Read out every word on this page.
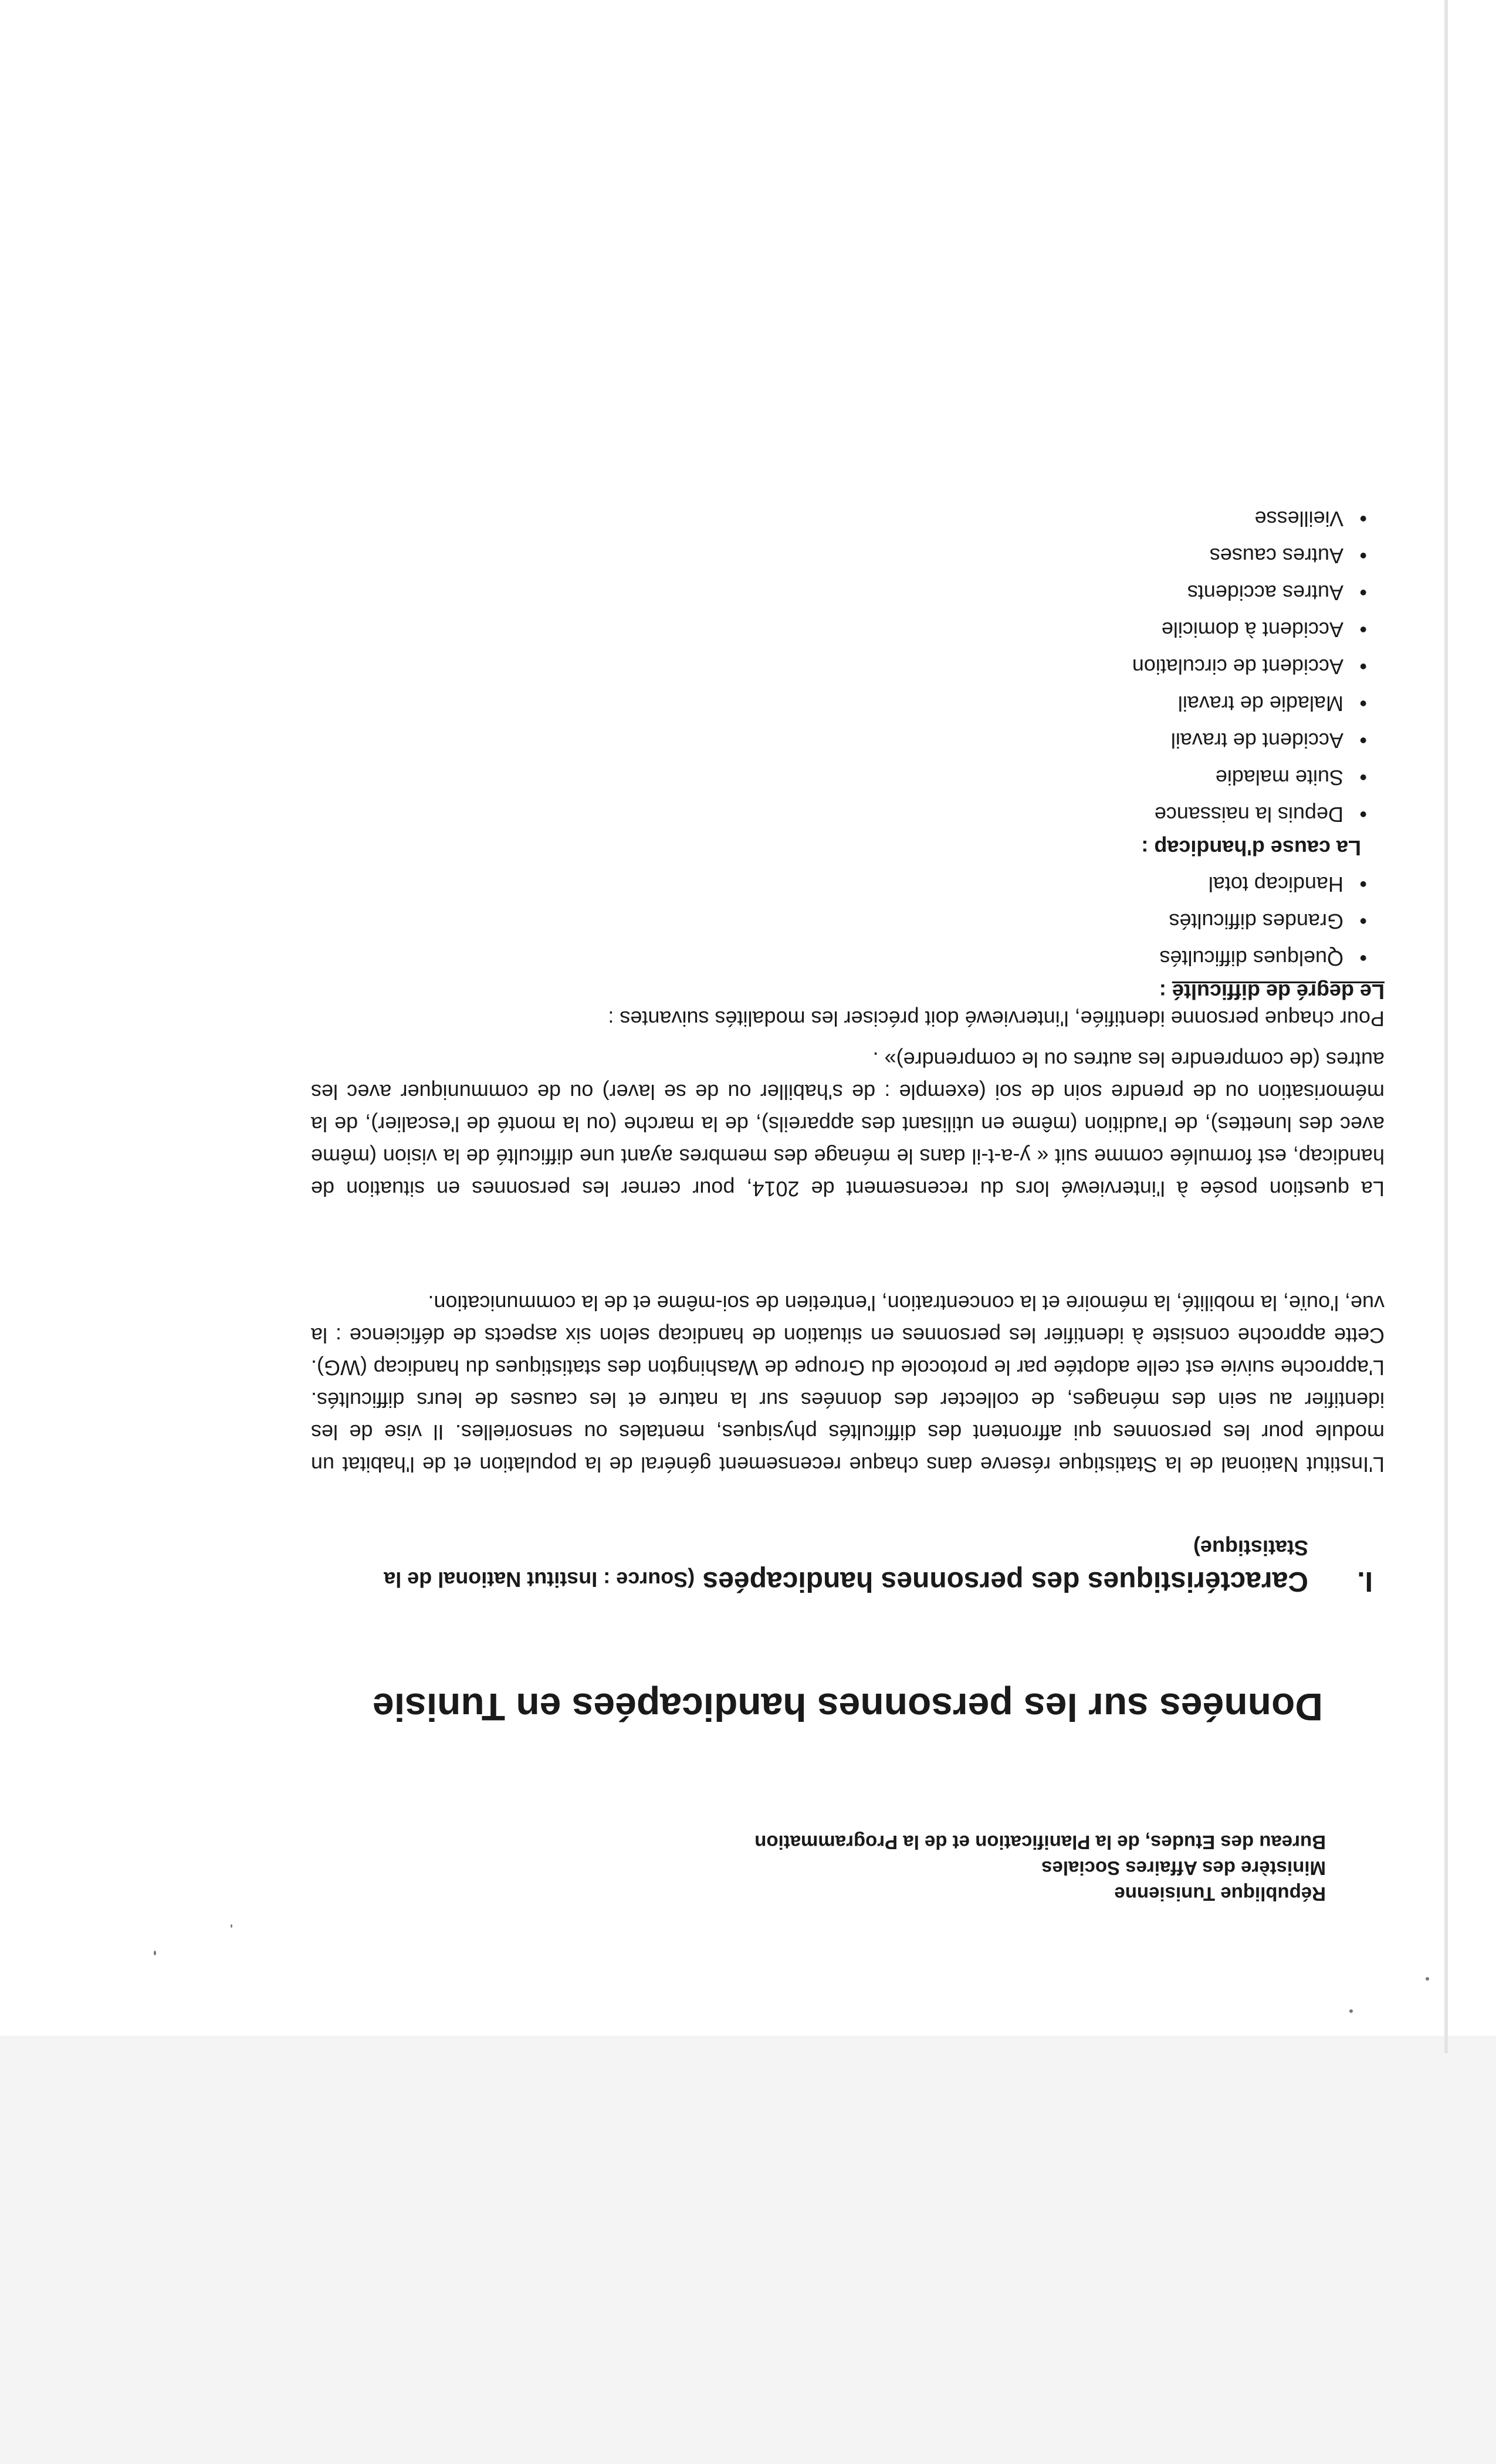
République Tunisienne
Ministère des Affaires Sociales
Bureau des Etudes, de la Planification et de la Programmation
Données sur les personnes handicapées en Tunisie
I.Caractéristiques des personnes handicapées (Source : Institut National de la
Statistique)

L'Institut National de la Statistique réserve dans chaque recensement général de la population et de l'habitat un module pour les personnes qui affrontent des difficultés physiques, mentales ou sensorielles. Il vise de les identifier au sein des ménages, de collecter des données sur la nature et les causes de leurs difficultés. L'approche suivie est celle adoptée par le protocole du Groupe de Washington des statistiques du handicap (WG). Cette approche consiste à identifier les personnes en situation de handicap selon six aspects de déficience : la vue, l'ouïe, la mobilité, la mémoire et la concentration, l'entretien de soi-même et de la communication.

La question posée à l'interviewé lors du recensement de 2014, pour cerner les personnes en situation de handicap, est formulée comme suit « y-a-t-il dans le ménage des membres ayant une difficulté de la vision (même avec des lunettes), de l'audition (même en utilisant des appareils), de la marche (ou la monté de l'escalier), de la mémorisation ou de prendre soin de soi (exemple : de s'habiller ou de se laver) ou de communiquer avec les autres (de comprendre les autres ou le comprendre)» .

Pour chaque personne identifiée, l'interviewé doit préciser les modalités suivantes :

Le degré de difficulté :
•
Quelques difficultés
•
Grandes difficultés
•
Handicap total
La cause d'handicap :
•
Depuis la naissance
•
Suite maladie
•
Accident de travail
•
Maladie de travail
•
Accident de circulation
•
Accident à domicile
•
Autres accidents
•
Autres causes
•
Vieillesse
